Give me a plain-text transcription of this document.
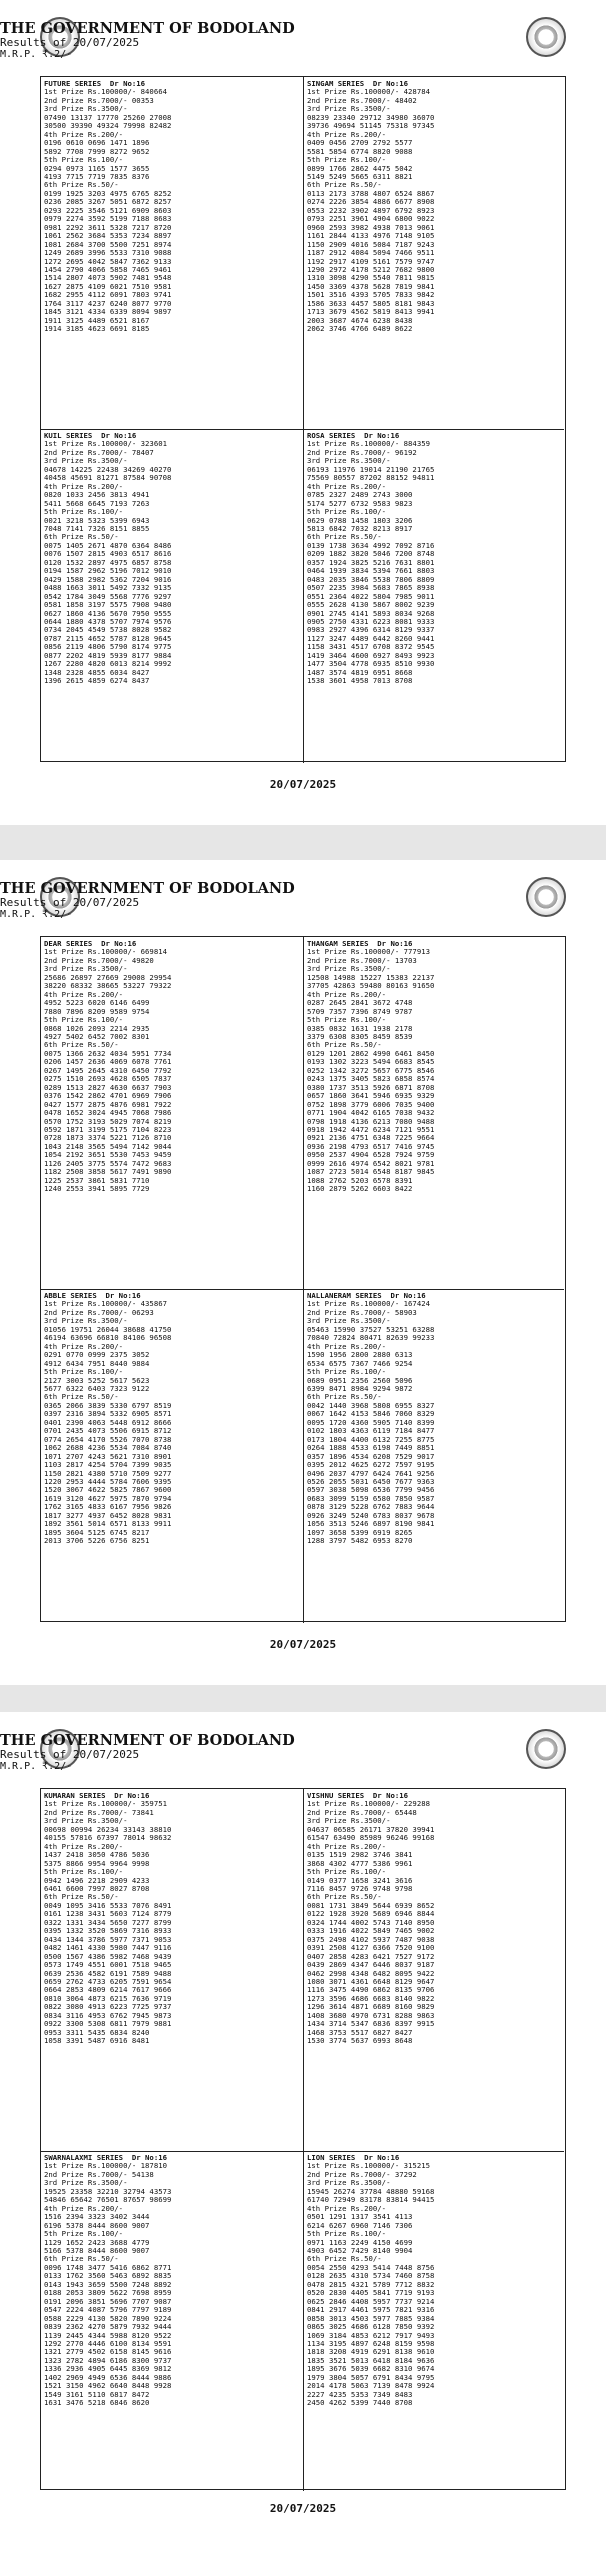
THE GOVERNMENT OF BODOLAND
Results of 20/07/2025
M.R.P. ₹.2/-
FUTURE SERIES  Dr No:16
1st Prize Rs.100000/- 840664
2nd Prize Rs.7000/- 00353
3rd Prize Rs.3500/-
07490 13137 17770 25260 27008
30500 39390 49324 79998 82482
4th Prize Rs.200/-
0196 0610 0696 1471 1896
5892 7708 7999 8272 9652
5th Prize Rs.100/-
0294 0973 1165 1577 3655
4193 7715 7719 7835 8376
6th Prize Rs.50/-
0199 1925 3203 4975 6765 8252
0236 2085 3267 5051 6872 8257
0293 2225 3546 5121 6909 8603
0979 2274 3592 5199 7188 8683
0981 2292 3611 5328 7217 8720
1061 2562 3684 5353 7234 8897
1081 2684 3700 5500 7251 8974
1249 2689 3996 5533 7310 9088
1272 2695 4042 5847 7362 9133
1454 2790 4066 5858 7465 9461
1514 2807 4073 5902 7481 9548
1627 2875 4109 6021 7510 9581
1682 2955 4112 6091 7803 9741
1764 3117 4237 6240 8077 9770
1845 3121 4334 6339 8094 9897
1911 3125 4489 6521 8167
1914 3185 4623 6691 8185
SINGAM SERIES  Dr No:16
1st Prize Rs.100000/- 428784
2nd Prize Rs.7000/- 48402
3rd Prize Rs.3500/-
08239 23340 29712 34980 36070
39736 49694 51145 75318 97345
4th Prize Rs.200/-
0409 0456 2709 2792 5577
5581 5854 6774 8820 9088
5th Prize Rs.100/-
0899 1766 2862 4475 5042
5149 5249 5665 6311 8821
6th Prize Rs.50/-
0113 2173 3788 4807 6524 8867
0274 2226 3854 4886 6677 8908
0553 2232 3902 4897 6792 8923
0793 2251 3961 4904 6800 9022
0960 2593 3982 4938 7013 9061
1161 2844 4133 4976 7148 9105
1150 2909 4016 5084 7187 9243
1187 2912 4084 5094 7466 9511
1192 2917 4109 5161 7579 9747
1290 2972 4178 5212 7682 9800
1310 3098 4290 5540 7811 9815
1450 3369 4378 5628 7819 9841
1501 3516 4393 5705 7833 9842
1586 3633 4457 5805 8181 9843
1713 3679 4562 5819 8413 9941
2003 3687 4674 6238 8438
2062 3746 4766 6489 8622
KUIL SERIES  Dr No:16
1st Prize Rs.100000/- 323601
2nd Prize Rs.7000/- 78407
3rd Prize Rs.3500/-
04678 14225 22438 34269 40270
40458 45691 81271 87584 90708
4th Prize Rs.200/-
0820 1033 2456 3813 4941
5411 5668 6645 7193 7263
5th Prize Rs.100/-
0021 3218 5323 5399 6943
7048 7141 7326 8151 8855
6th Prize Rs.50/-
0075 1405 2671 4870 6364 8486
0076 1507 2815 4903 6517 8616
0120 1532 2897 4975 6857 8758
0194 1587 2962 5196 7012 9010
0429 1588 2982 5362 7204 9016
0488 1663 3011 5492 7332 9135
0542 1784 3049 5568 7776 9297
0581 1858 3197 5575 7908 9480
0627 1860 4136 5670 7950 9555
0644 1880 4378 5707 7974 9576
0734 2045 4549 5738 8028 9582
0787 2115 4652 5787 8128 9645
0856 2119 4806 5790 8174 9775
0877 2202 4819 5939 8177 9884
1267 2280 4820 6013 8214 9992
1348 2328 4855 6034 8427
1396 2615 4859 6274 8437
ROSA SERIES  Dr No:16
1st Prize Rs.100000/- 884359
2nd Prize Rs.7000/- 96192
3rd Prize Rs.3500/-
06193 11976 19014 21190 21765
75569 80557 87202 88152 94811
4th Prize Rs.200/-
0785 2327 2489 2743 3000
5174 5277 6732 9583 9823
5th Prize Rs.100/-
0629 0788 1458 1803 3206
5813 6842 7032 8213 8917
6th Prize Rs.50/-
0139 1738 3634 4992 7092 8716
0209 1882 3820 5046 7200 8748
0357 1924 3825 5216 7631 8801
0464 1939 3834 5394 7661 8803
0483 2035 3846 5538 7806 8809
0507 2235 3984 5683 7865 8938
0551 2364 4022 5804 7985 9011
0555 2628 4130 5867 8002 9239
0901 2745 4141 5893 8034 9268
0905 2750 4331 6223 8081 9333
0983 2927 4396 6314 8129 9337
1127 3247 4489 6442 8260 9441
1158 3431 4517 6708 8372 9545
1419 3464 4600 6927 8493 9923
1477 3504 4778 6935 8510 9930
1487 3574 4819 6951 8668
1538 3601 4958 7013 8708
20/07/2025
THE GOVERNMENT OF BODOLAND
Results of 20/07/2025
M.R.P. ₹.2/-
DEAR SERIES  Dr No:16
1st Prize Rs.100000/- 669814
2nd Prize Rs.7000/- 49820
3rd Prize Rs.3500/-
25686 26897 27669 29008 29954
38220 68332 38665 53227 79322
4th Prize Rs.200/-
4952 5223 6020 6146 6499
7880 7896 8209 9589 9754
5th Prize Rs.100/-
0868 1026 2093 2214 2935
4927 5402 6452 7002 8301
6th Prize Rs.50/-
0075 1366 2632 4034 5951 7734
0206 1457 2636 4069 6078 7761
0267 1495 2645 4310 6450 7792
0275 1510 2693 4628 6505 7837
0289 1513 2827 4630 6637 7903
0376 1542 2862 4701 6969 7906
0427 1577 2875 4876 6981 7922
0478 1652 3024 4945 7068 7986
0570 1752 3193 5029 7074 8219
0592 1871 3199 5175 7104 8223
0728 1873 3374 5221 7126 8710
1043 2148 3565 5494 7142 9044
1054 2192 3651 5530 7453 9459
1126 2405 3775 5574 7472 9683
1182 2508 3858 5617 7491 9890
1225 2537 3861 5831 7710
1240 2553 3941 5895 7729
THANGAM SERIES  Dr No:16
1st Prize Rs.100000/- 777913
2nd Prize Rs.7000/- 13703
3rd Prize Rs.3500/-
12508 14988 15227 15383 22137
37705 42863 59480 80163 91650
4th Prize Rs.200/-
0287 2645 2841 3672 4748
5709 7357 7396 8749 9787
5th Prize Rs.100/-
0385 0832 1631 1938 2178
3379 6308 8305 8459 8539
6th Prize Rs.50/-
0129 1201 2862 4990 6461 8450
0193 1302 3223 5494 6683 8545
0252 1342 3272 5657 6775 8546
0243 1375 3405 5823 6858 8574
0380 1737 3513 5926 6871 8708
0657 1860 3641 5946 6935 9329
0752 1898 3779 6006 7035 9400
0771 1904 4042 6165 7038 9432
0798 1918 4136 6213 7080 9488
0918 1942 4472 6234 7121 9551
0921 2136 4751 6348 7225 9664
0936 2198 4793 6517 7416 9745
0950 2537 4904 6528 7924 9759
0999 2616 4974 6542 8021 9781
1087 2723 5014 6548 8187 9845
1088 2762 5203 6578 8391
1160 2879 5262 6603 8422
ABBLE SERIES  Dr No:16
1st Prize Rs.100000/- 435867
2nd Prize Rs.7000/- 06293
3rd Prize Rs.3500/-
01056 19751 26044 38688 41750
46194 63696 66810 84106 96508
4th Prize Rs.200/-
0291 0770 0999 2375 3052
4912 6434 7951 8440 9884
5th Prize Rs.100/-
2127 3003 5252 5617 5623
5677 6322 6403 7323 9122
6th Prize Rs.50/-
0365 2066 3839 5330 6797 8519
0397 2316 3894 5332 6905 8571
0401 2390 4063 5448 6912 8666
0701 2435 4073 5506 6915 8712
0774 2654 4170 5526 7070 8738
1062 2688 4236 5534 7084 8740
1071 2707 4243 5621 7310 8901
1103 2817 4254 5704 7399 9035
1150 2821 4380 5710 7509 9277
1220 2953 4444 5784 7606 9395
1520 3067 4622 5825 7867 9600
1619 3120 4627 5975 7870 9794
1762 3165 4833 6167 7956 9826
1817 3277 4937 6452 8028 9831
1892 3561 5014 6571 8133 9911
1895 3604 5125 6745 8217
2013 3706 5226 6756 8251
NALLANERAM SERIES  Dr No:16
1st Prize Rs.100000/- 167424
2nd Prize Rs.7000/- 58903
3rd Prize Rs.3500/-
05463 15990 37527 53251 63288
70840 72824 80471 82639 99233
4th Prize Rs.200/-
1590 1956 2800 2880 6313
6534 6575 7367 7466 9254
5th Prize Rs.100/-
0689 0951 2356 2560 5096
6399 8471 8984 9294 9872
6th Prize Rs.50/-
0042 1440 3968 5808 6955 8327
0067 1642 4153 5846 7060 8329
0095 1720 4360 5905 7140 8399
0102 1803 4363 6119 7184 8477
0173 1804 4400 6132 7255 8775
0264 1888 4533 6198 7449 8851
0357 1896 4534 6208 7529 9017
0395 2012 4625 6272 7597 9195
0496 2037 4797 6424 7641 9256
0526 2055 5031 6450 7677 9363
0597 3038 5098 6536 7799 9456
0683 3099 5159 6580 7850 9587
0878 3129 5228 6762 7883 9644
0926 3249 5240 6783 8037 9678
1056 3513 5246 6897 8190 9841
1097 3658 5399 6919 8265
1288 3797 5482 6953 8270
20/07/2025
THE GOVERNMENT OF BODOLAND
Results of 20/07/2025
M.R.P. ₹.2/-
KUMARAN SERIES  Dr No:16
1st Prize Rs.100000/- 359751
2nd Prize Rs.7000/- 73841
3rd Prize Rs.3500/-
00698 00994 26234 33143 38810
40155 57816 67397 78014 98632
4th Prize Rs.200/-
1437 2418 3050 4786 5036
5375 8866 9954 9964 9998
5th Prize Rs.100/-
0942 1496 2218 2909 4233
6461 6600 7997 8027 8708
6th Prize Rs.50/-
0049 1095 3416 5533 7076 8491
0161 1238 3431 5603 7124 8779
0322 1331 3434 5650 7277 8799
0395 1332 3520 5869 7316 8933
0434 1344 3786 5977 7371 9053
0482 1461 4330 5980 7447 9116
0500 1567 4386 5982 7468 9439
0573 1749 4551 6001 7518 9465
0639 2536 4582 6191 7589 9488
0659 2762 4733 6205 7591 9654
0664 2853 4809 6214 7617 9666
0810 3064 4873 6215 7636 9719
0822 3080 4913 6223 7725 9737
0834 3116 4953 6762 7945 9873
0922 3300 5308 6811 7979 9881
0953 3311 5435 6834 8240
1058 3391 5487 6916 8481
VISHNU SERIES  Dr No:16
1st Prize Rs.100000/- 229288
2nd Prize Rs.7000/- 65448
3rd Prize Rs.3500/-
04637 06585 26171 37820 39941
61547 63490 85989 96246 99168
4th Prize Rs.200/-
0135 1519 2982 3746 3841
3868 4302 4777 5386 9961
5th Prize Rs.100/-
0149 0377 1658 3241 3616
7116 8457 9726 9748 9798
6th Prize Rs.50/-
0081 1731 3849 5644 6939 8652
0122 1928 3920 5689 6946 8844
0324 1744 4002 5743 7140 8950
0333 1916 4022 5849 7465 9002
0375 2498 4102 5937 7487 9038
0391 2508 4127 6366 7520 9100
0407 2858 4283 6421 7527 9172
0439 2869 4347 6446 8037 9187
0462 2998 4348 6482 8095 9422
1080 3071 4361 6648 8129 9647
1116 3475 4490 6862 8135 9706
1273 3596 4686 6683 8140 9822
1296 3614 4871 6689 8160 9829
1408 3680 4970 6731 8288 9863
1434 3714 5347 6836 8397 9915
1468 3753 5517 6827 8427
1530 3774 5637 6993 8648
SWARNALAXMI SERIES  Dr No:16
1st Prize Rs.100000/- 187810
2nd Prize Rs.7000/- 54138
3rd Prize Rs.3500/-
19525 23358 32210 32794 43573
54846 65642 76501 87657 98699
4th Prize Rs.200/-
1516 2394 3323 3402 3444
6196 5378 8444 8600 9007
5th Prize Rs.100/-
1129 1652 2423 3688 4779
5166 5378 8444 8600 9007
6th Prize Rs.50/-
0096 1748 3477 5416 6862 8771
0133 1762 3560 5463 6892 8835
0143 1943 3659 5500 7248 8892
0188 2053 3809 5622 7698 8959
0191 2096 3851 5696 7707 9087
0547 2224 4087 5796 7797 9189
0588 2229 4130 5820 7890 9224
0839 2362 4270 5879 7932 9444
1139 2445 4344 5988 8120 9522
1292 2770 4446 6100 8134 9591
1321 2779 4502 6158 8145 9616
1323 2782 4894 6186 8300 9737
1336 2936 4905 6445 8369 9812
1402 2969 4949 6536 8444 9886
1521 3150 4962 6640 8448 9928
1549 3161 5110 6817 8472
1631 3476 5218 6846 8620
LION SERIES  Dr No:16
1st Prize Rs.100000/- 315215
2nd Prize Rs.7000/- 37292
3rd Prize Rs.3500/-
15945 26274 37784 48880 59168
61740 72949 83178 83814 94415
4th Prize Rs.200/-
0501 1291 1317 3541 4113
6214 6267 6960 7146 7306
5th Prize Rs.100/-
0971 1163 2249 4150 4699
4903 6452 7429 8140 9904
6th Prize Rs.50/-
0054 2550 4293 5414 7448 8756
0128 2635 4310 5734 7460 8758
0478 2815 4321 5789 7712 8832
0520 2830 4405 5841 7719 9193
0625 2846 4408 5957 7737 9214
0841 2917 4461 5975 7821 9316
0858 3013 4503 5977 7885 9384
0865 3025 4686 6128 7850 9392
1069 3184 4853 6212 7917 9493
1134 3195 4897 6248 8159 9598
1818 3208 4919 6291 8138 9610
1835 3521 5013 6418 8184 9636
1895 3676 5039 6682 8310 9674
1979 3804 5057 6791 8434 9795
2014 4178 5063 7139 8478 9924
2227 4235 5353 7349 8483
2450 4262 5399 7440 8708
20/07/2025
